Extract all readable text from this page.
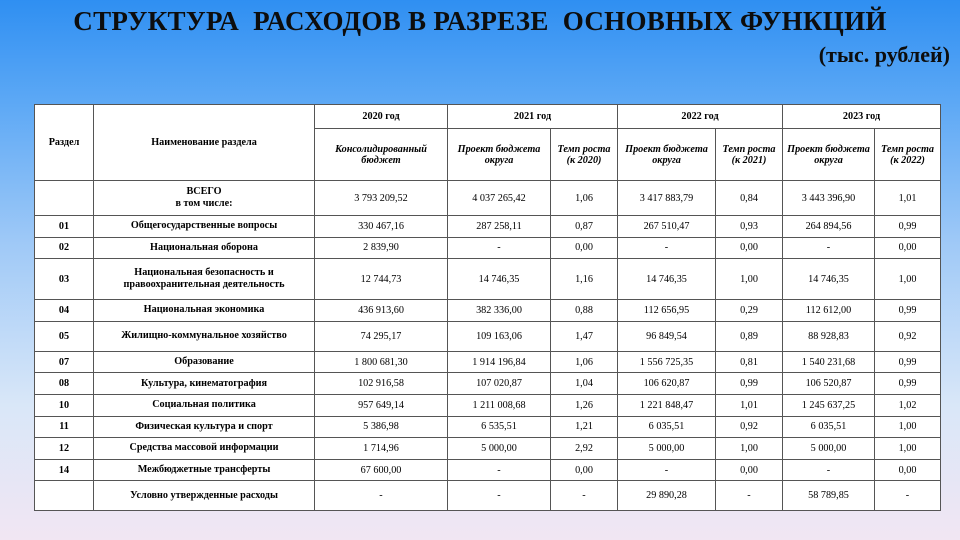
СТРУКТУРА  РАСХОДОВ В РАЗРЕЗЕ  ОСНОВНЫХ ФУНКЦИЙ
(тыс. рублей)
Раздел	Наименование раздела	2020 год	2021 год		2022 год		2023 год	
		Консолидированный бюджет	Проект бюджета округа	Темп роста (к 2020)	Проект бюджета округа	Темп роста (к 2021)	Проект бюджета округа	Темп роста (к 2022)
	ВСЕГО
в том числе:	3 793 209,52	4 037 265,42	1,06	3 417 883,79	0,84	3 443 396,90	1,01
01	Общегосударственные вопросы	330 467,16	287 258,11	0,87	267 510,47	0,93	264 894,56	0,99
02	Национальная оборона	2 839,90	-	0,00	-	0,00	-	0,00
03	Национальная безопасность и
правоохранительная деятельность	12 744,73	14 746,35	1,16	14 746,35	1,00	14 746,35	1,00
04	Национальная экономика	436 913,60	382 336,00	0,88	112 656,95	0,29	112 612,00	0,99
05	Жилищно-коммунальное хозяйство	74 295,17	109 163,06	1,47	96 849,54	0,89	88 928,83	0,92
07	Образование	1 800 681,30	1 914 196,84	1,06	1 556 725,35	0,81	1 540 231,68	0,99
08	Культура, кинематография	102 916,58	107 020,87	1,04	106 620,87	0,99	106 520,87	0,99
10	Социальная политика	957 649,14	1 211 008,68	1,26	1 221 848,47	1,01	1 245 637,25	1,02
11	Физическая культура и спорт	5 386,98	6 535,51	1,21	6 035,51	0,92	6 035,51	1,00
12	Средства массовой информации	1 714,96	5 000,00	2,92	5 000,00	1,00	5 000,00	1,00
14	Межбюджетные трансферты	67 600,00	-	0,00	-	0,00	-	0,00
	Условно утвержденные расходы	-	-	-	29 890,28	-	58 789,85	-
